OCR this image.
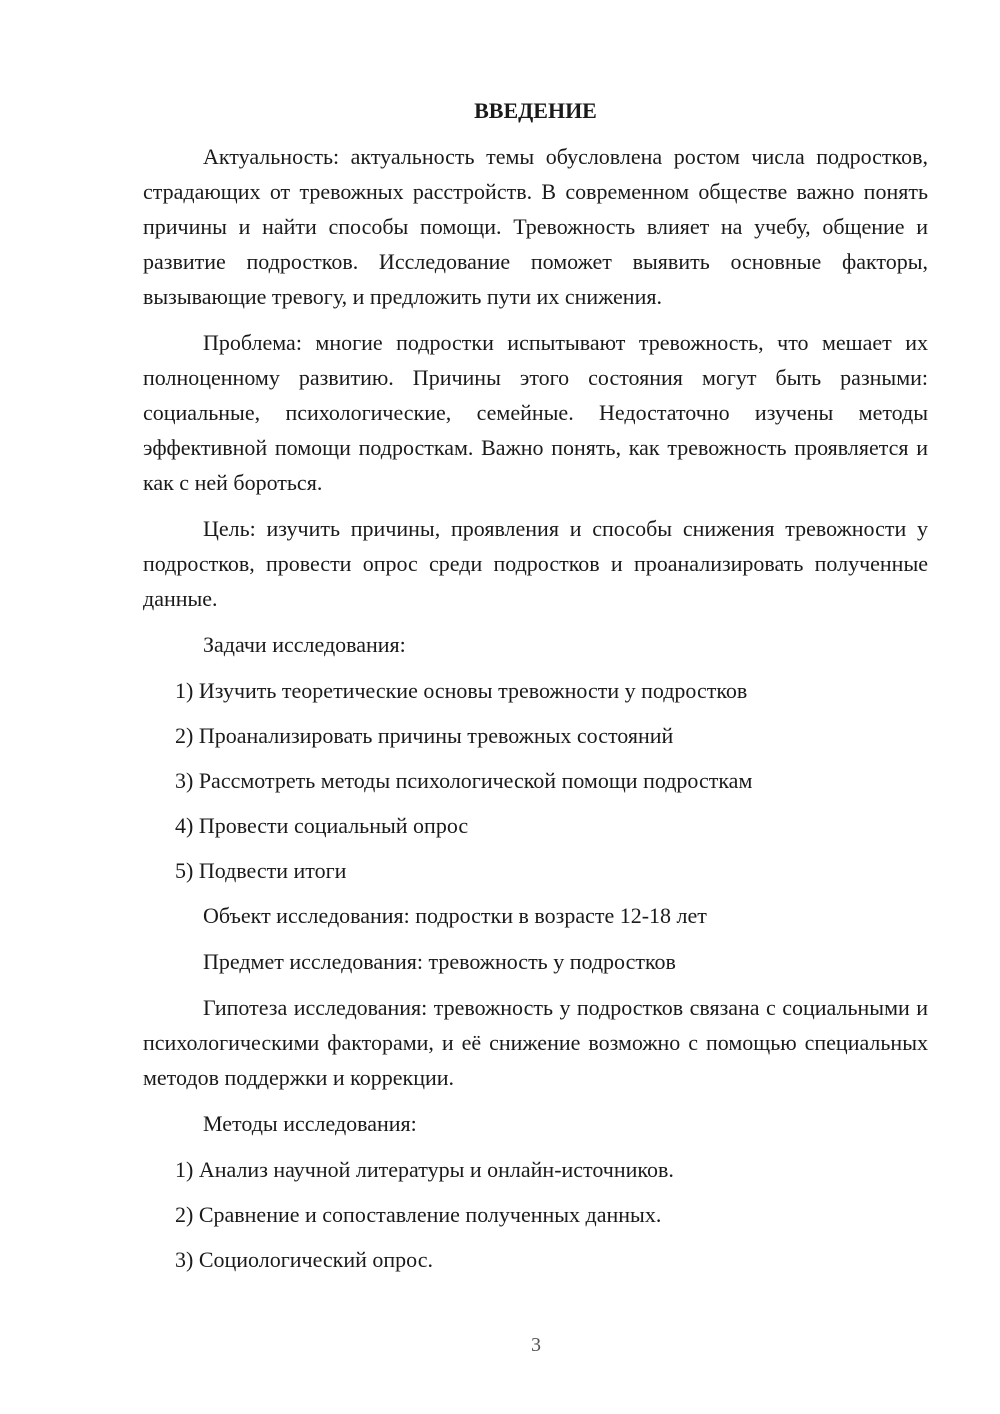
ВВЕДЕНИЕ

Актуальность: актуальность темы обусловлена ростом числа подростков, страдающих от тревожных расстройств. В современном обществе важно понять причины и найти способы помощи. Тревожность влияет на учебу, общение и развитие подростков. Исследование поможет выявить основные факторы, вызывающие тревогу, и предложить пути их снижения.

Проблема: многие подростки испытывают тревожность, что мешает их полноценному развитию. Причины этого состояния могут быть разными: социальные, психологические, семейные. Недостаточно изучены методы эффективной помощи подросткам. Важно понять, как тревожность проявляется и как с ней бороться.

Цель: изучить причины, проявления и способы снижения тревожности у подростков, провести опрос среди подростков и проанализировать полученные данные.

Задачи исследования:

1) Изучить теоретические основы тревожности у подростков
2) Проанализировать причины тревожных состояний
3) Рассмотреть методы психологической помощи подросткам
4) Провести социальный опрос
5) Подвести итоги

Объект исследования: подростки в возрасте 12-18 лет

Предмет исследования: тревожность у подростков

Гипотеза исследования: тревожность у подростков связана с социальными и психологическими факторами, и её снижение возможно с помощью специальных методов поддержки и коррекции.

Методы исследования:

1) Анализ научной литературы и онлайн-источников.
2) Сравнение и сопоставление полученных данных.
3) Социологический опрос.
3
